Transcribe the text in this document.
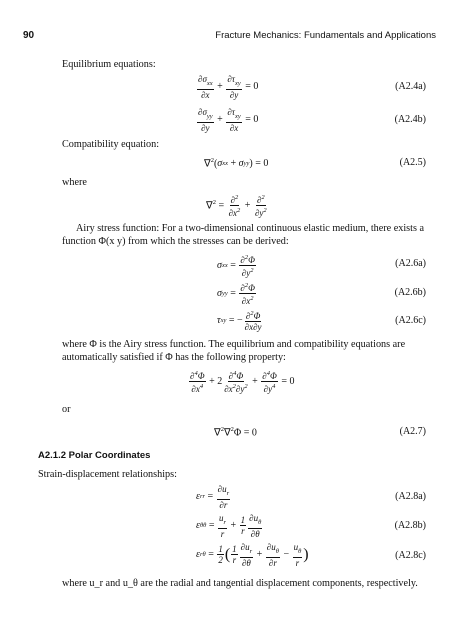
90	Fracture Mechanics: Fundamentals and Applications
Equilibrium equations:
$\frac{\partial\sigma_{xx}}{\partial x} + \frac{\partial\tau_{xy}}{\partial y} = 0$	(A2.4a)
$\frac{\partial\sigma_{yy}}{\partial y} + \frac{\partial\tau_{xy}}{\partial x} = 0$	(A2.4b)
Compatibility equation:
∇$^2$( σ xx + σ yy ) = 0	(A2.5)
where
$\nabla^2 = \frac{\partial^2}{\partial x^2} + \frac{\partial^2}{\partial y^2}$
Airy stress function: For a two-dimensional continuous elastic medium, there exists a function Φ(x y) from which the stresses can be derived:
σ xx = $\frac{\partial^2\Phi}{\partial y^2}$	(A2.6a)
σ yy = $\frac{\partial^2\Phi}{\partial x^2}$	(A2.6b)
τ xy = − $\frac{\partial^2\Phi}{\partial x\partial y}$	(A2.6c)
where Φ is the Airy stress function. The equilibrium and compatibility equations are automatically satisfied if Φ has the following property:
$\frac{\partial^4\Phi}{\partial x^4} + 2 \frac{\partial^4\Phi}{\partial x^2\partial y^2} + \frac{\partial^4\Phi}{\partial y^4} = 0$
or
∇$^2$∇$^2$Φ = 0	(A2.7)
A2.1.2 Polar Coordinates
Strain-displacement relationships:
ε rr = $\frac{\partial u_r}{\partial r}$	(A2.8a)
ε $\theta\theta = \frac{u_r}{r} + \frac{1}{r} \frac{\partial u_\theta}{\partial\theta}$	(A2.8b)
ε $r\theta = \frac{1}{2}$ ( $\frac{1}{r} \frac{\partial u_r}{\partial\theta} + \frac{\partial u_\theta}{\partial r} - \frac{u_\theta}{r}$ )	(A2.8c)
where u_r and u_θ are the radial and tangential displacement components, respectively.
